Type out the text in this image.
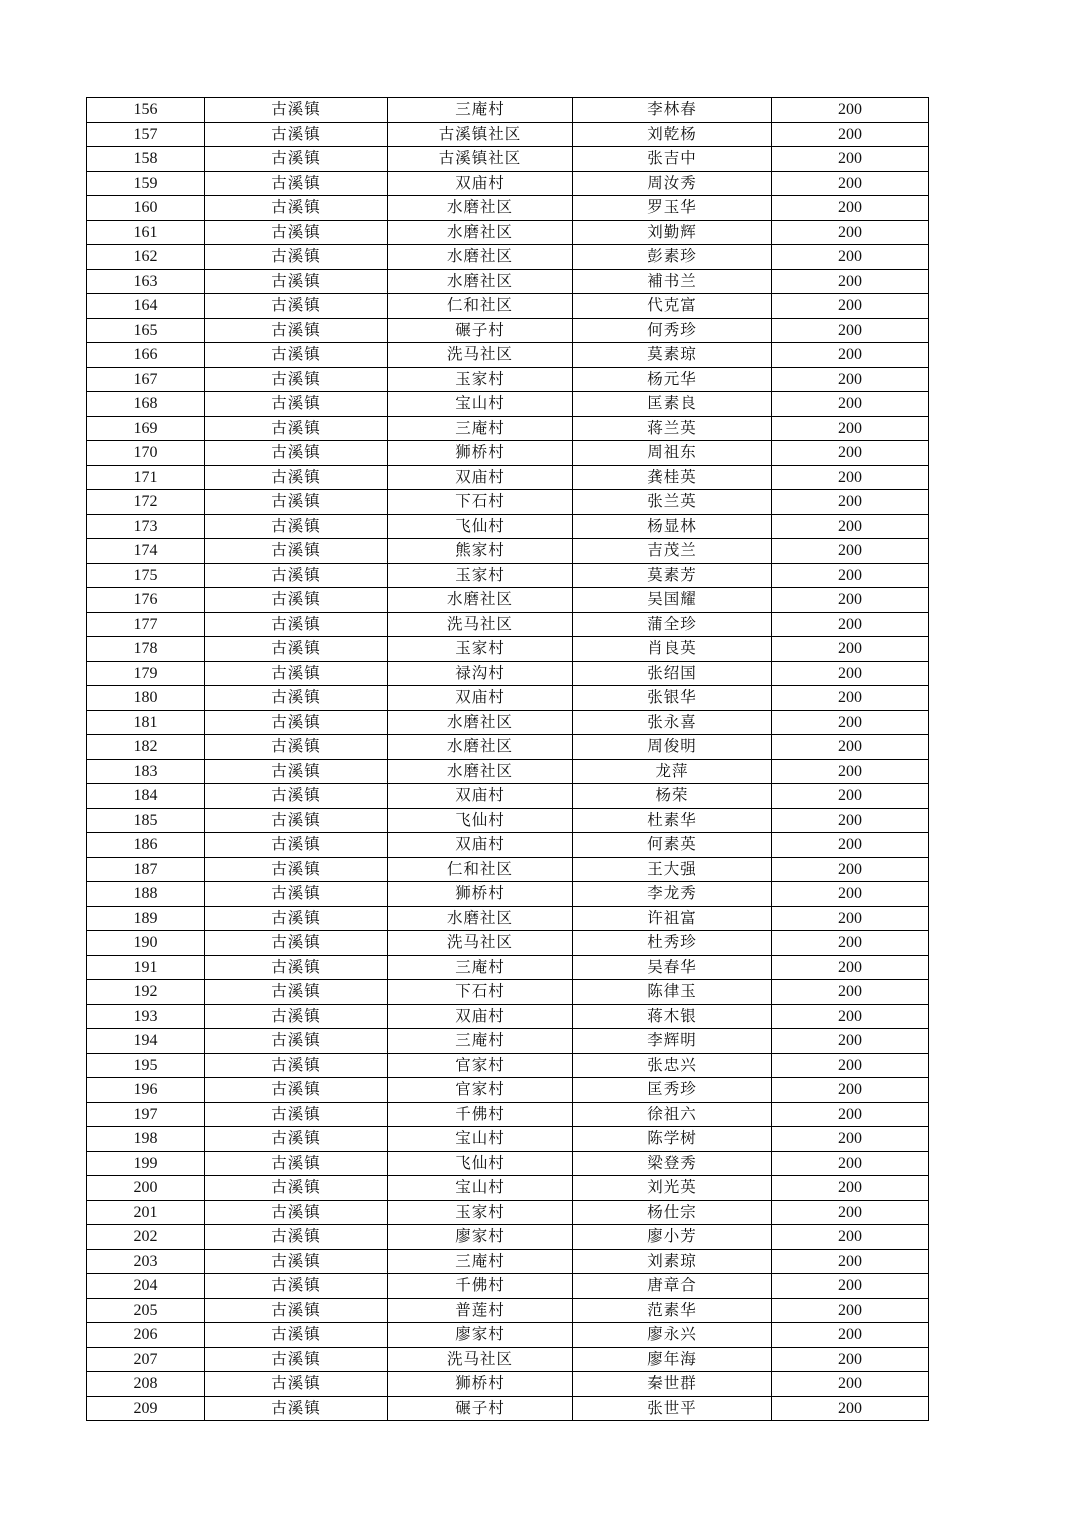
156	古溪镇	三庵村	李林春	200
157	古溪镇	古溪镇社区	刘乾杨	200
158	古溪镇	古溪镇社区	张吉中	200
159	古溪镇	双庙村	周汝秀	200
160	古溪镇	水磨社区	罗玉华	200
161	古溪镇	水磨社区	刘勤辉	200
162	古溪镇	水磨社区	彭素珍	200
163	古溪镇	水磨社区	補书兰	200
164	古溪镇	仁和社区	代克富	200
165	古溪镇	碾子村	何秀珍	200
166	古溪镇	洗马社区	莫素琼	200
167	古溪镇	玉家村	杨元华	200
168	古溪镇	宝山村	匡素良	200
169	古溪镇	三庵村	蒋兰英	200
170	古溪镇	狮桥村	周祖东	200
171	古溪镇	双庙村	龚桂英	200
172	古溪镇	下石村	张兰英	200
173	古溪镇	飞仙村	杨显林	200
174	古溪镇	熊家村	吉茂兰	200
175	古溪镇	玉家村	莫素芳	200
176	古溪镇	水磨社区	吴国耀	200
177	古溪镇	洗马社区	蒲全珍	200
178	古溪镇	玉家村	肖良英	200
179	古溪镇	禄沟村	张绍国	200
180	古溪镇	双庙村	张银华	200
181	古溪镇	水磨社区	张永喜	200
182	古溪镇	水磨社区	周俊明	200
183	古溪镇	水磨社区	龙萍	200
184	古溪镇	双庙村	杨荣	200
185	古溪镇	飞仙村	杜素华	200
186	古溪镇	双庙村	何素英	200
187	古溪镇	仁和社区	王大强	200
188	古溪镇	狮桥村	李龙秀	200
189	古溪镇	水磨社区	许祖富	200
190	古溪镇	洗马社区	杜秀珍	200
191	古溪镇	三庵村	吴春华	200
192	古溪镇	下石村	陈律玉	200
193	古溪镇	双庙村	蒋木银	200
194	古溪镇	三庵村	李辉明	200
195	古溪镇	官家村	张忠兴	200
196	古溪镇	官家村	匡秀珍	200
197	古溪镇	千佛村	徐祖六	200
198	古溪镇	宝山村	陈学树	200
199	古溪镇	飞仙村	梁登秀	200
200	古溪镇	宝山村	刘光英	200
201	古溪镇	玉家村	杨仕宗	200
202	古溪镇	廖家村	廖小芳	200
203	古溪镇	三庵村	刘素琼	200
204	古溪镇	千佛村	唐章合	200
205	古溪镇	普莲村	范素华	200
206	古溪镇	廖家村	廖永兴	200
207	古溪镇	洗马社区	廖年海	200
208	古溪镇	狮桥村	秦世群	200
209	古溪镇	碾子村	张世平	200
